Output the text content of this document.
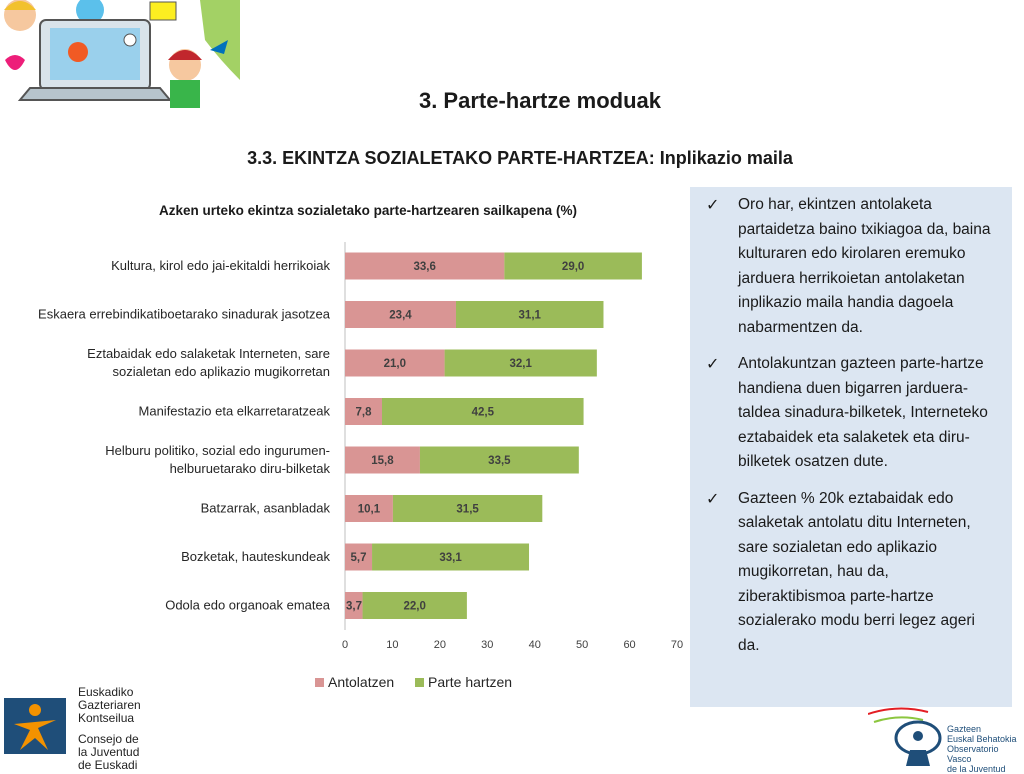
3. Parte-hartze moduak
3.3. EKINTZA SOZIALETAKO PARTE-HARTZEA: Inplikazio maila
Azken urteko ekintza sozialetako parte-hartzearen sailkapena (%)
33,6	29,0
Kultura, kirol edo jai-ekitaldi herrikoiak
23,4	31,1
Eskaera errebindikatiboetarako sinadurak jasotzea
21,0	32,1
Eztabaidak edo salaketak Interneten, sare
sozialetan edo aplikazio mugikorretan
7,8	42,5
Manifestazio eta elkarretaratzeak
15,8	33,5
Helburu politiko, sozial edo ingurumen-
helburuetarako diru-bilketak
10,1	31,5
Batzarrak, asanbladak
5,7	33,1
Bozketak, hauteskundeak
3,7	22,0
Odola edo organoak ematea
0	10	20	30	40	50	60	70
Antolatzen Parte hartzen
✓ Oro har, ekintzen antolaketa partaidetza baino txikiagoa da, baina kulturaren edo kirolaren eremuko jarduera herrikoietan antolaketan inplikazio maila handia dagoela nabarmentzen da.
✓ Antolakuntzan gazteen parte-hartze handiena duen bigarren jarduera-taldea sinadura-bilketek, Interneteko eztabaidek eta salaketek eta diru-bilketek osatzen dute.
✓ Gazteen % 20k eztabaidak edo salaketak antolatu ditu Interneten, sare sozialetan edo aplikazio mugikorretan, hau da, ziberaktibismoa parte-hartze sozialerako modu berri legez ageri da.
Euskadiko
Gazteriaren
Kontseilua
Consejo de
la Juventud
de Euskadi
Gazteen
Euskal Behatokia
Observatorio Vasco
de la Juventud
